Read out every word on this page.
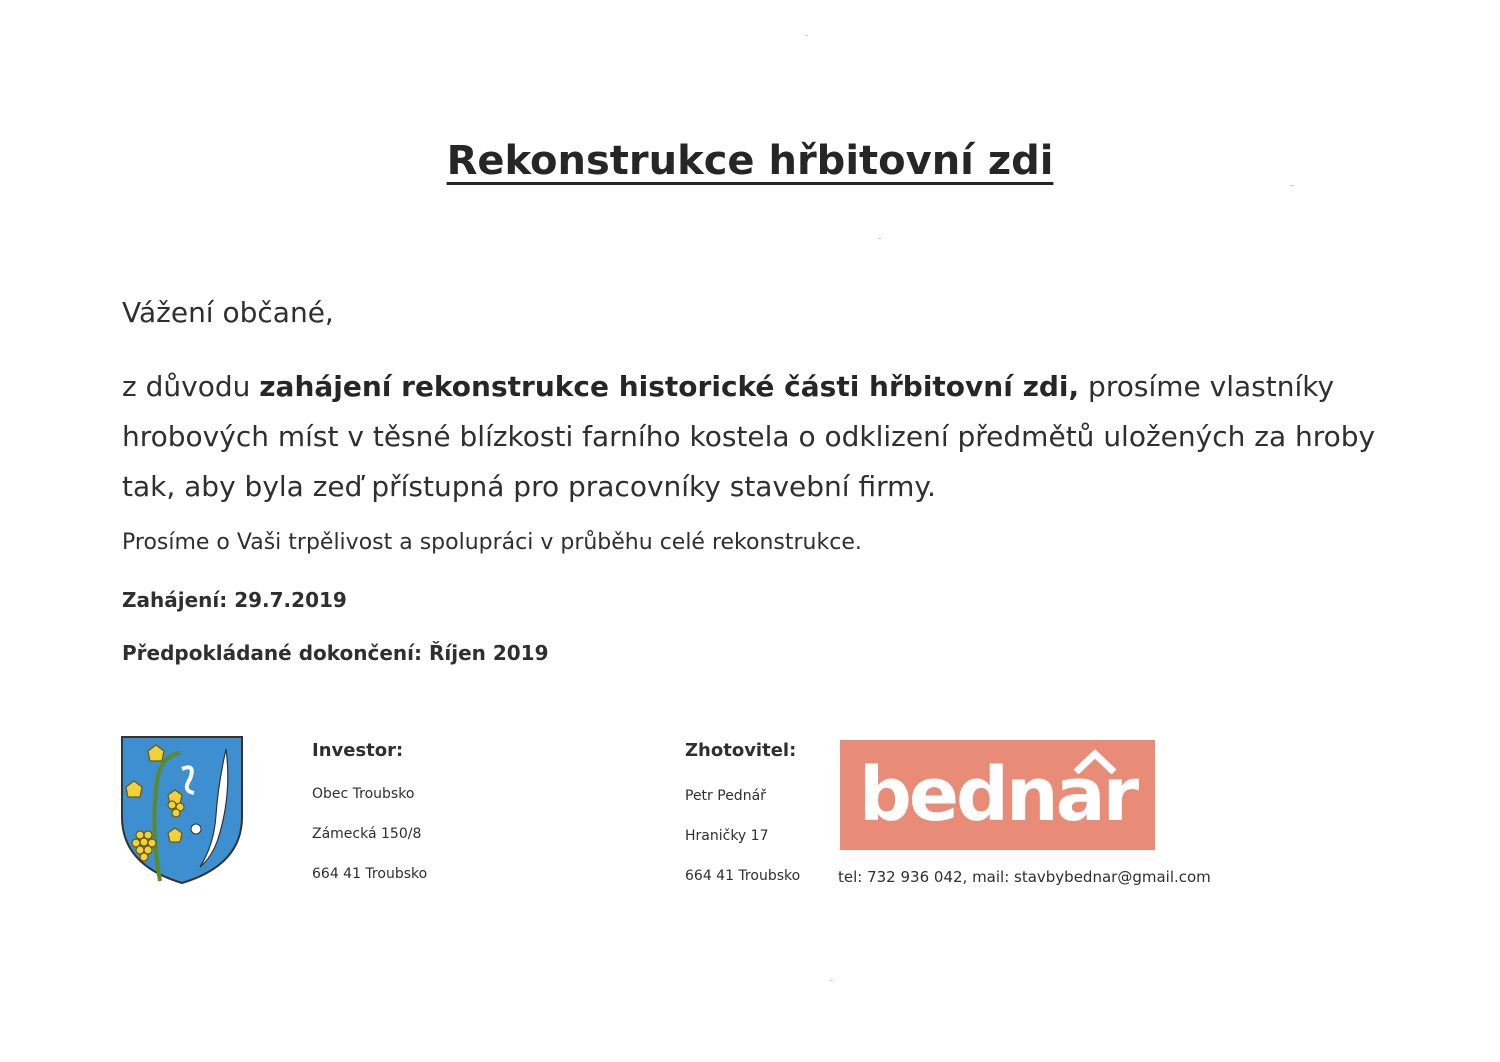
Rekonstrukce hřbitovní zdi
Vážení občané,
z důvodu zahájení rekonstrukce historické části hřbitovní zdi, prosíme vlastníky hrobových míst v těsné blízkosti farního kostela o odklizení předmětů uložených za hroby tak, aby byla zeď přístupná pro pracovníky stavební firmy.
Prosíme o Vaši trpělivost a spolupráci v průběhu celé rekonstrukce.
Zahájení: 29.7.2019
Předpokládané dokončení: Říjen 2019
Investor:
Obec Troubsko
Zámecká 150/8
664 41 Troubsko
Zhotovitel:
Petr Pednář
Hraničky 17
664 41 Troubsko
bednar
tel: 732 936 042, mail: stavbybednar@gmail.com
